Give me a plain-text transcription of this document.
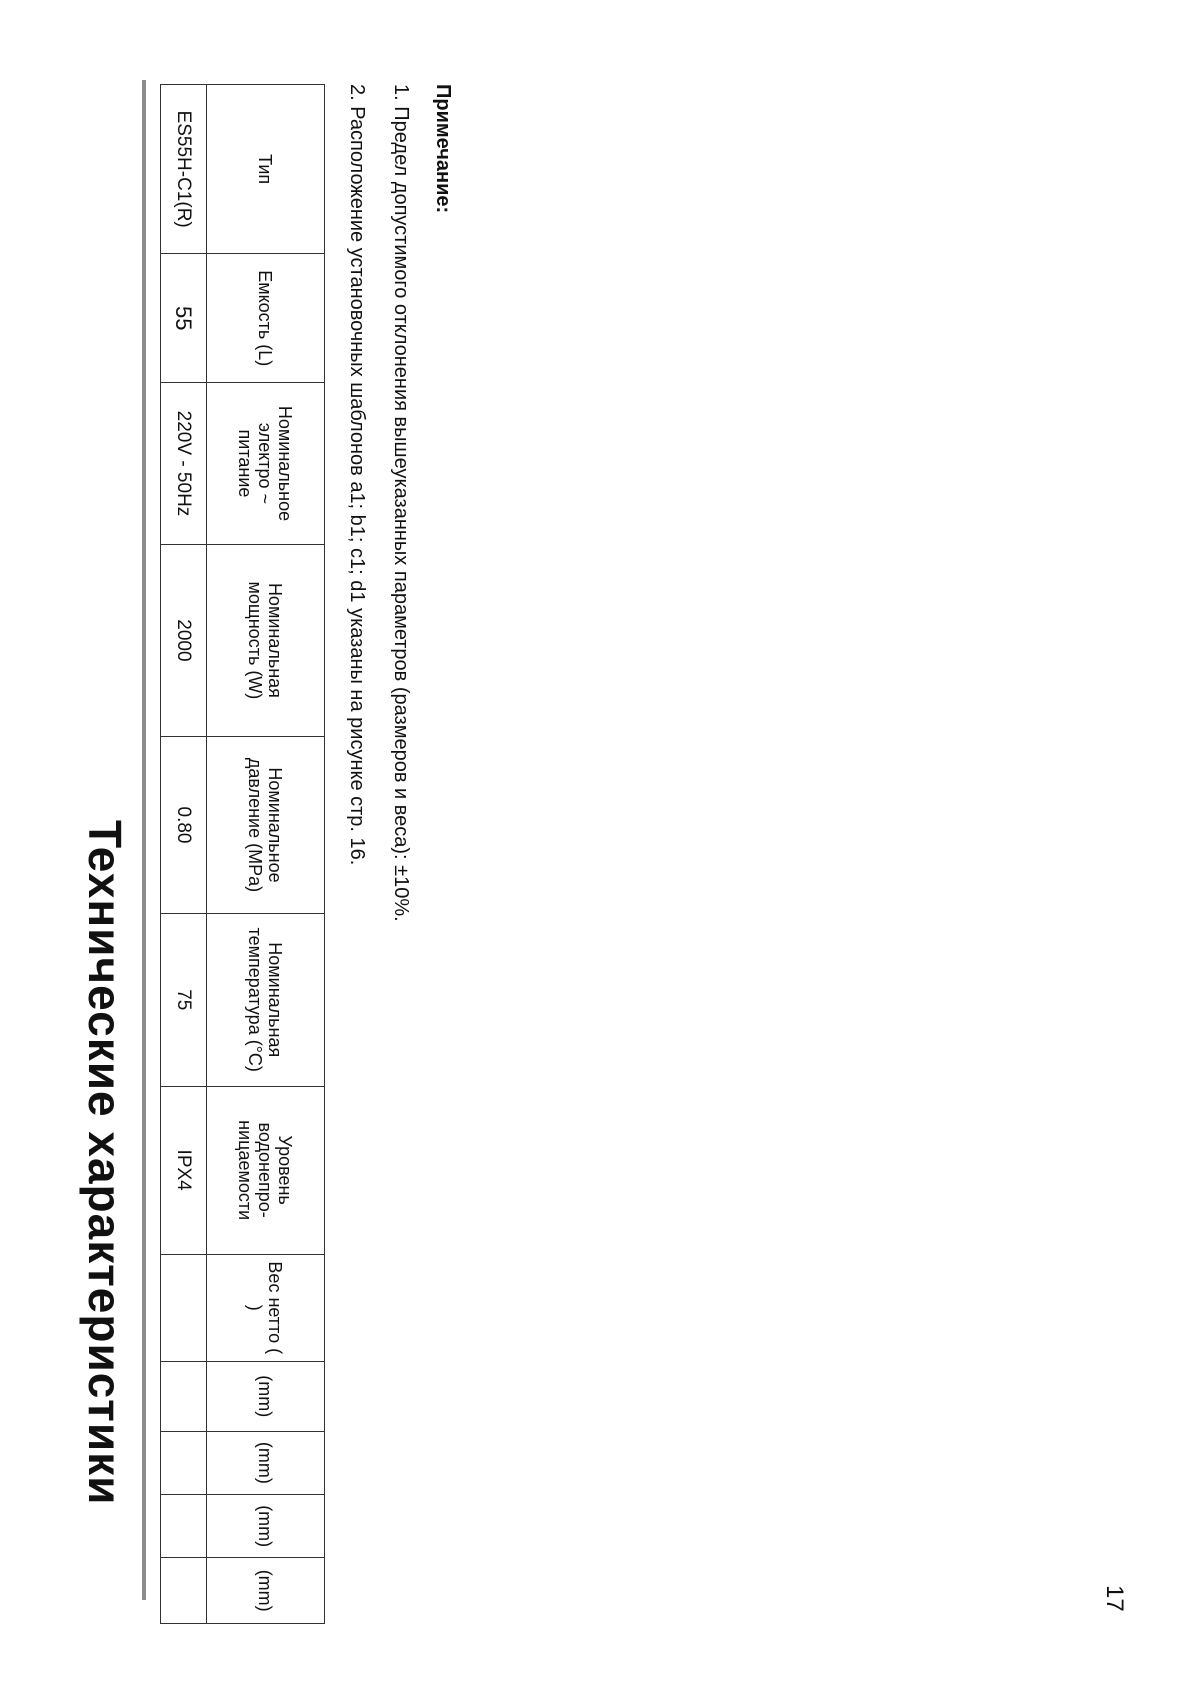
Технические характеристики
Тип	Емкость (L)	Номинальное электро ~ питание	Номинальная мощность (W)	Номинальное давление (MPa)	Номинальная температура (°C)	Уровень водонепро-ницаемости	Вес нетто ( )	(mm)	(mm)	(mm)	(mm)
ES55H-C1(R)	55	220V - 50Hz	2000	0.80	75	IPX4					
Примечание:
1. Предел допустимого отклонения вышеуказанных параметров (размеров и веса): ±10%.
2. Расположение установочных шаблонов a1; b1; c1; d1 указаны на рисунке стр. 16.
17
